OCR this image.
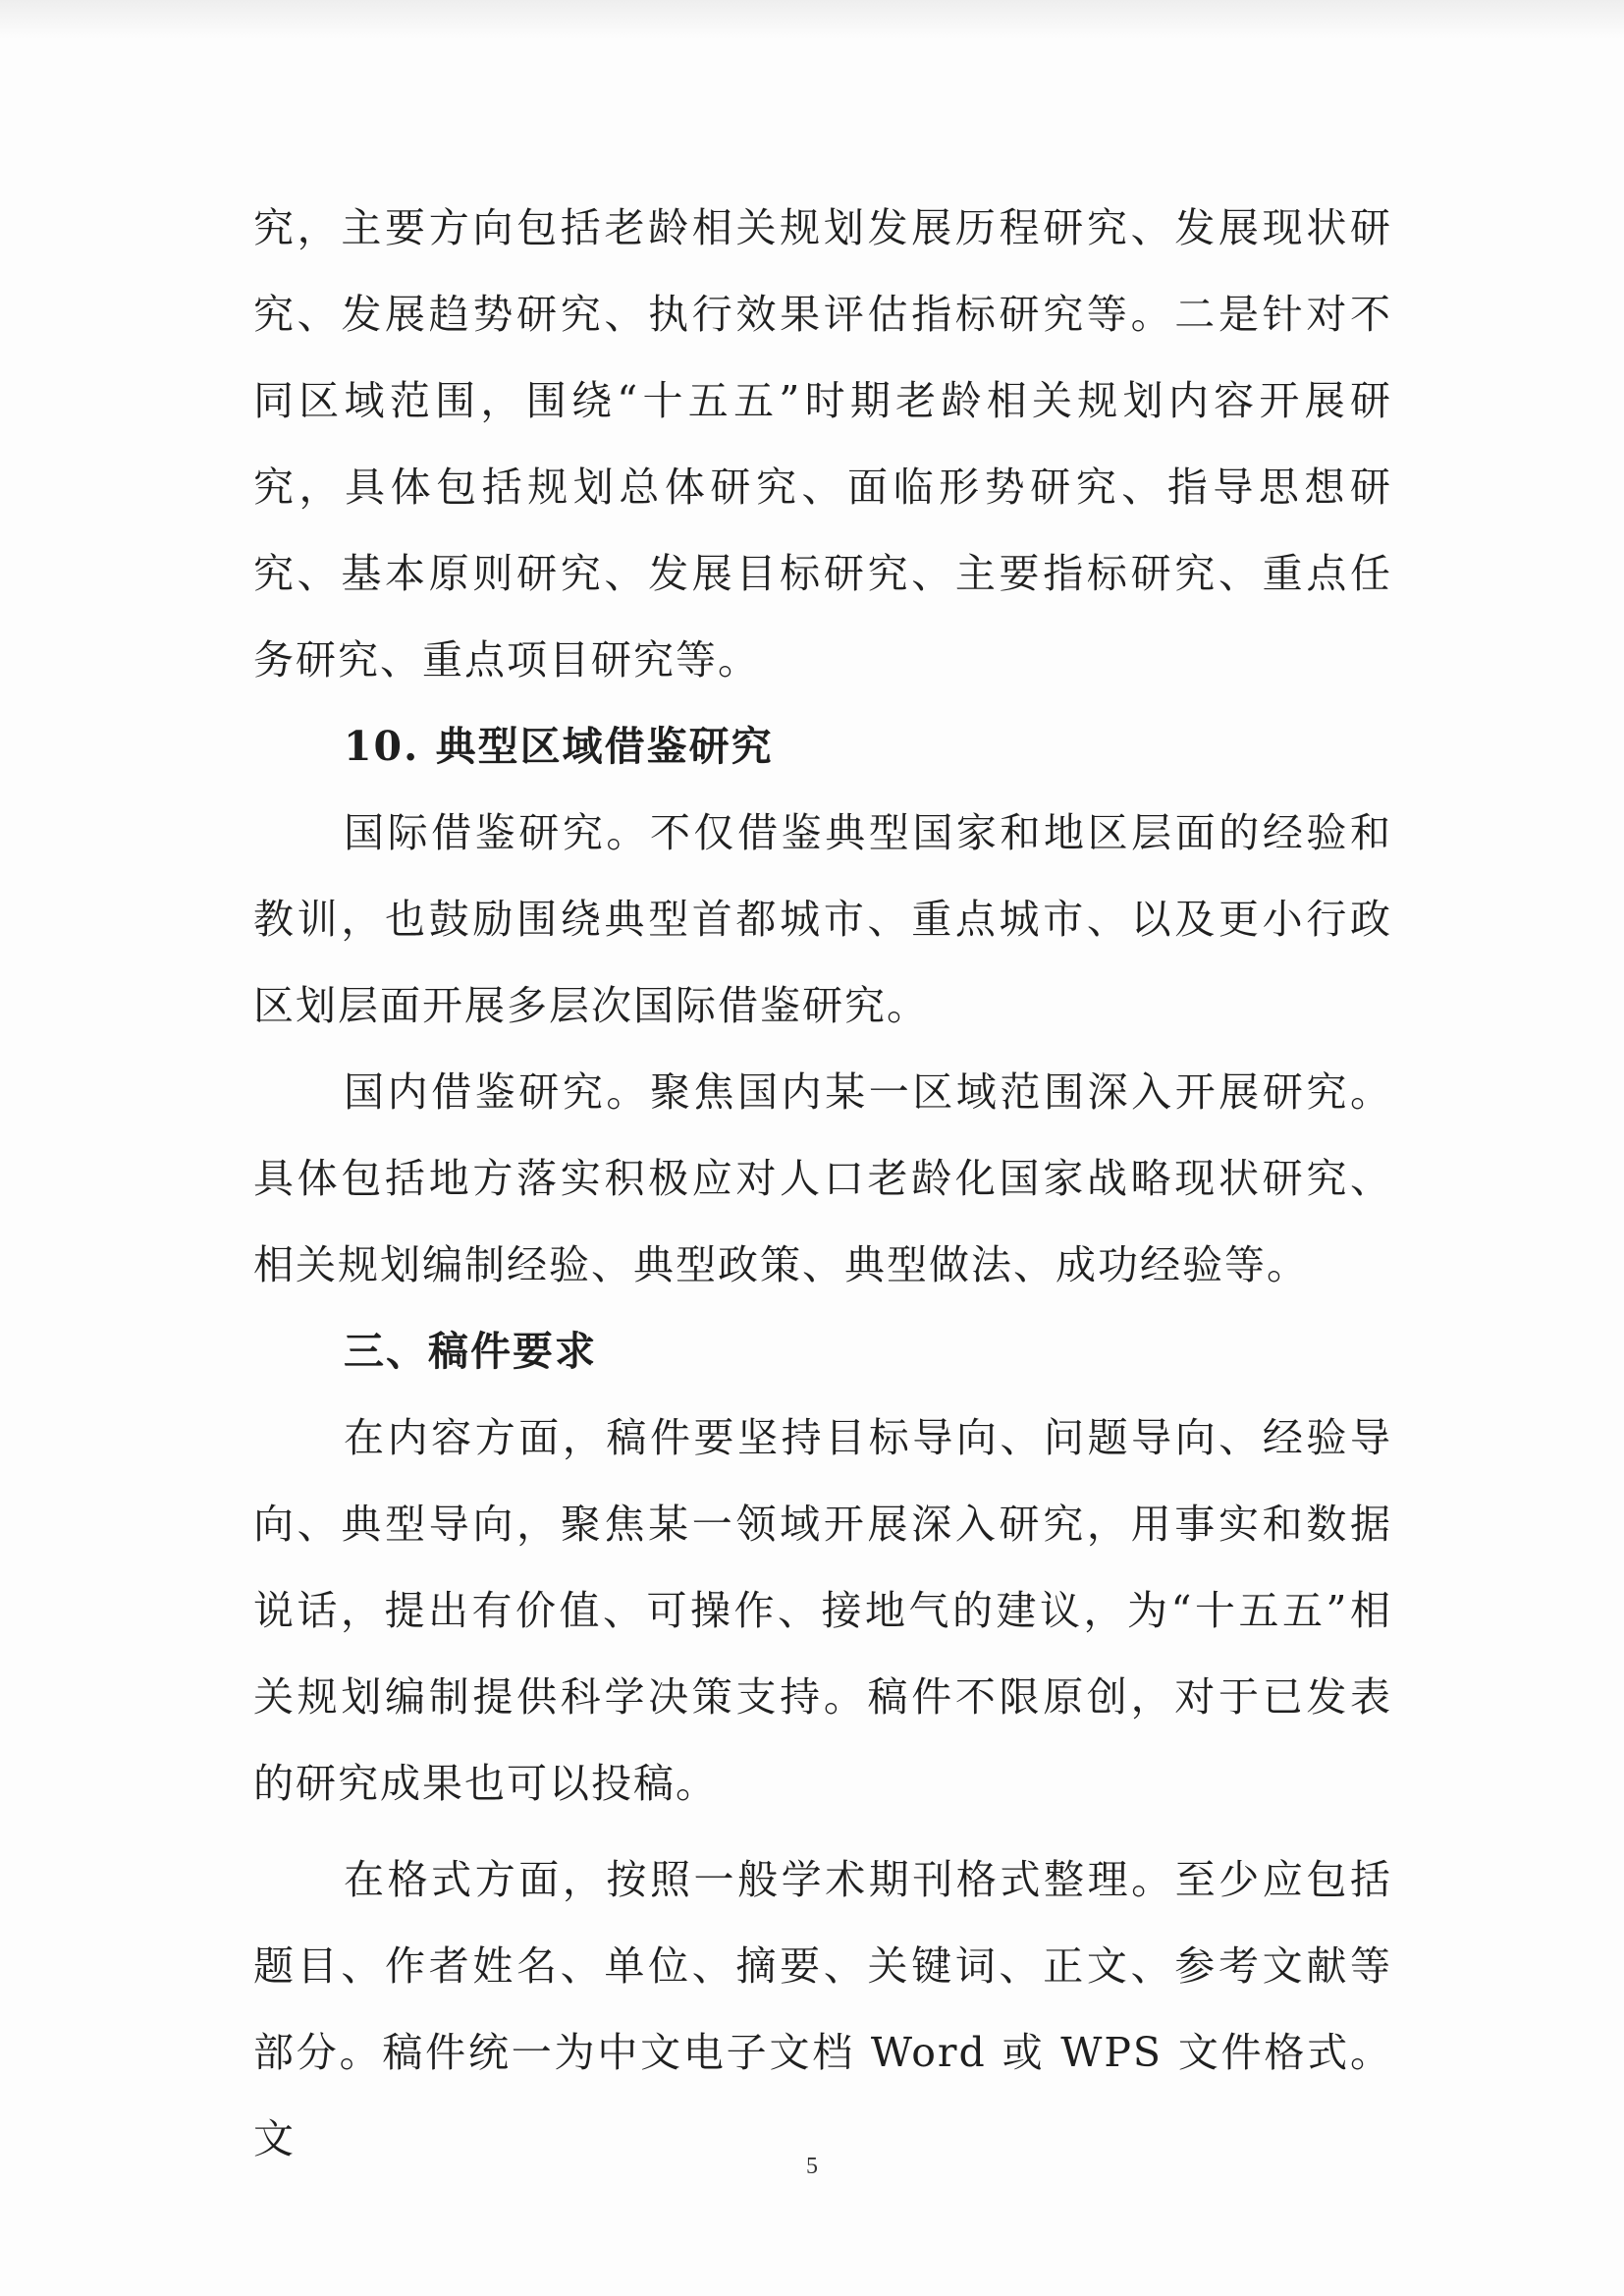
究，主要方向包括老龄相关规划发展历程研究、发展现状研究、发展趋势研究、执行效果评估指标研究等。二是针对不同区域范围，围绕“十五五”时期老龄相关规划内容开展研究，具体包括规划总体研究、面临形势研究、指导思想研究、基本原则研究、发展目标研究、主要指标研究、重点任务研究、重点项目研究等。

10. 典型区域借鉴研究

国际借鉴研究。不仅借鉴典型国家和地区层面的经验和教训，也鼓励围绕典型首都城市、重点城市、以及更小行政区划层面开展多层次国际借鉴研究。

国内借鉴研究。聚焦国内某一区域范围深入开展研究。具体包括地方落实积极应对人口老龄化国家战略现状研究、相关规划编制经验、典型政策、典型做法、成功经验等。

三、稿件要求

在内容方面，稿件要坚持目标导向、问题导向、经验导向、典型导向，聚焦某一领域开展深入研究，用事实和数据说话，提出有价值、可操作、接地气的建议，为“十五五”相关规划编制提供科学决策支持。稿件不限原创，对于已发表的研究成果也可以投稿。

在格式方面，按照一般学术期刊格式整理。至少应包括题目、作者姓名、单位、摘要、关键词、正文、参考文献等部分。稿件统一为中文电子文档 Word 或 WPS 文件格式。文

5
